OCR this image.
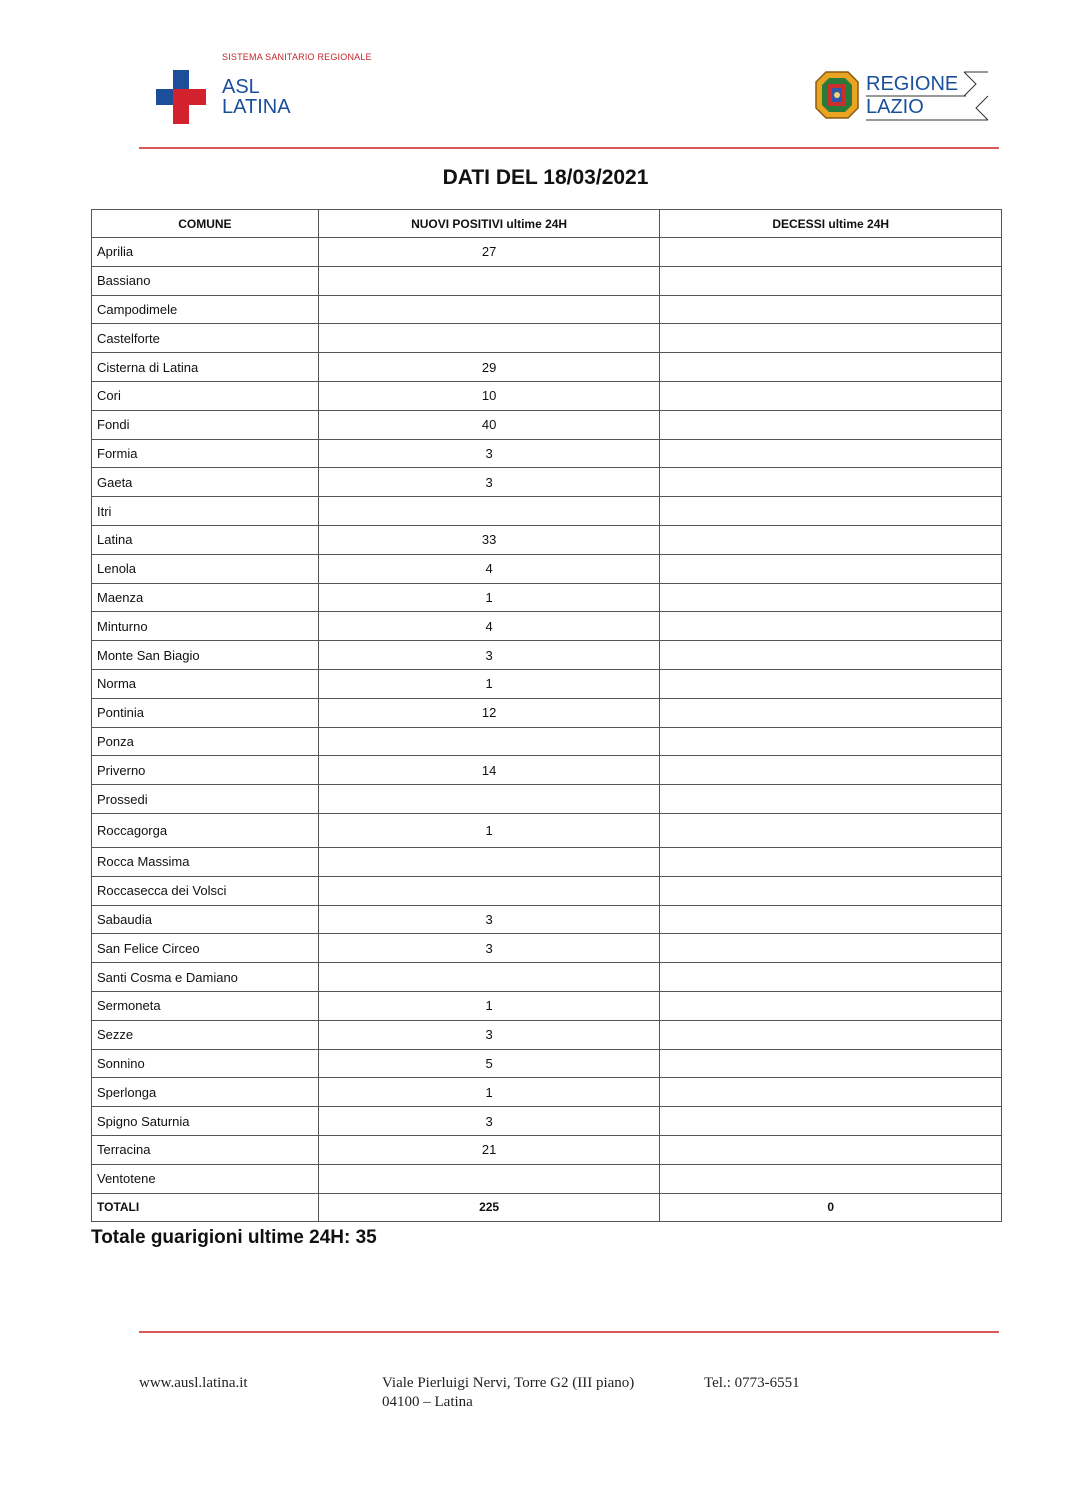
SISTEMA SANITARIO REGIONALE
ASL
LATINA
REGIONE
LAZIO
DATI DEL 18/03/2021
COMUNE	NUOVI POSITIVI ultime 24H	DECESSI ultime 24H
Aprilia	27	
Bassiano		
Campodimele		
Castelforte		
Cisterna di Latina	29	
Cori	10	
Fondi	40	
Formia	3	
Gaeta	3	
Itri		
Latina	33	
Lenola	4	
Maenza	1	
Minturno	4	
Monte San Biagio	3	
Norma	1	
Pontinia	12	
Ponza		
Priverno	14	
Prossedi		
Roccagorga	1	
Rocca Massima		
Roccasecca dei Volsci		
Sabaudia	3	
San Felice Circeo	3	
Santi Cosma e Damiano		
Sermoneta	1	
Sezze	3	
Sonnino	5	
Sperlonga	1	
Spigno Saturnia	3	
Terracina	21	
Ventotene		
TOTALI	225	0
Totale guarigioni ultime 24H: 35
www.ausl.latina.it	Viale Pierluigi Nervi, Torre G2 (III piano)
04100 – Latina
Tel.: 0773-6551
